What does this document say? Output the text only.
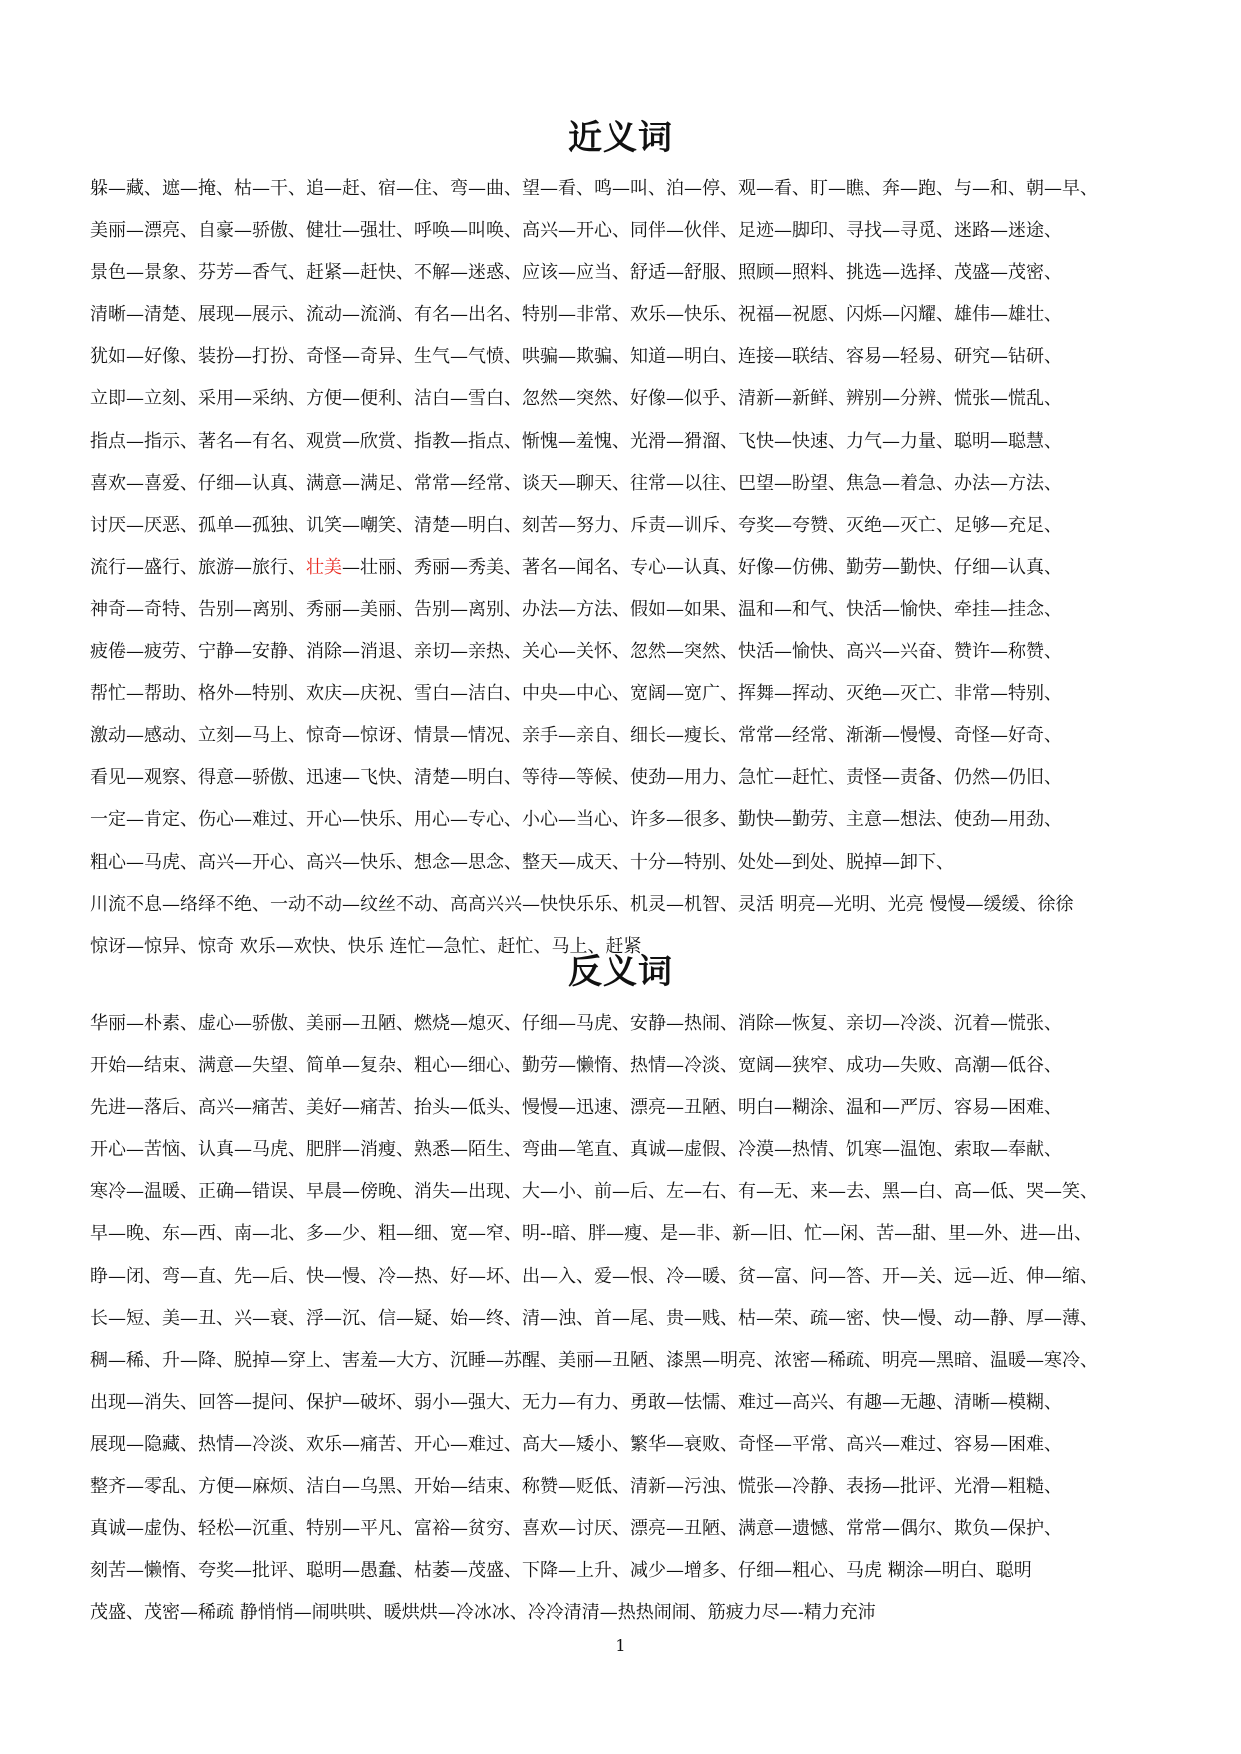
近义词
躲—藏、遮—掩、枯—干、追—赶、宿—住、弯—曲、望—看、鸣—叫、泊—停、观—看、盯—瞧、奔—跑、与—和、朝—早、
美丽—漂亮、自豪—骄傲、健壮—强壮、呼唤—叫唤、高兴—开心、同伴—伙伴、足迹—脚印、寻找—寻觅、迷路—迷途、
景色—景象、芬芳—香气、赶紧—赶快、不解—迷惑、应该—应当、舒适—舒服、照顾—照料、挑选—选择、茂盛—茂密、
清晰—清楚、展现—展示、流动—流淌、有名—出名、特别—非常、欢乐—快乐、祝福—祝愿、闪烁—闪耀、雄伟—雄壮、
犹如—好像、装扮—打扮、奇怪—奇异、生气—气愤、哄骗—欺骗、知道—明白、连接—联结、容易—轻易、研究—钻研、
立即—立刻、采用—采纳、方便—便利、洁白—雪白、忽然—突然、好像—似乎、清新—新鲜、辨别—分辨、慌张—慌乱、
指点—指示、著名—有名、观赏—欣赏、指教—指点、惭愧—羞愧、光滑—猾溜、飞快—快速、力气—力量、聪明—聪慧、
喜欢—喜爱、仔细—认真、满意—满足、常常—经常、谈天—聊天、往常—以往、巴望—盼望、焦急—着急、办法—方法、
讨厌—厌恶、孤单—孤独、讥笑—嘲笑、清楚—明白、刻苦—努力、斥责—训斥、夸奖—夸赞、灭绝—灭亡、足够—充足、
流行—盛行、旅游—旅行、壮美—壮丽、秀丽—秀美、著名—闻名、专心—认真、好像—仿佛、勤劳—勤快、仔细—认真、
神奇—奇特、告别—离别、秀丽—美丽、告别—离别、办法—方法、假如—如果、温和—和气、快活—愉快、牵挂—挂念、
疲倦—疲劳、宁静—安静、消除—消退、亲切—亲热、关心—关怀、忽然—突然、快活—愉快、高兴—兴奋、赞许—称赞、
帮忙—帮助、格外—特别、欢庆—庆祝、雪白—洁白、中央—中心、宽阔—宽广、挥舞—挥动、灭绝—灭亡、非常—特别、
激动—感动、立刻—马上、惊奇—惊讶、情景—情况、亲手—亲自、细长—瘦长、常常—经常、渐渐—慢慢、奇怪—好奇、
看见—观察、得意—骄傲、迅速—飞快、清楚—明白、等待—等候、使劲—用力、急忙—赶忙、责怪—责备、仍然—仍旧、
一定—肯定、伤心—难过、开心—快乐、用心—专心、小心—当心、许多—很多、勤快—勤劳、主意—想法、使劲—用劲、
粗心—马虎、高兴—开心、高兴—快乐、想念—思念、整天—成天、十分—特别、处处—到处、脱掉—卸下、
川流不息—络绎不绝、一动不动—纹丝不动、高高兴兴—快快乐乐、机灵—机智、灵活 明亮—光明、光亮 慢慢—缓缓、徐徐
惊讶—惊异、惊奇 欢乐—欢快、快乐 连忙—急忙、赶忙、马上、赶紧
反义词
华丽—朴素、虚心—骄傲、美丽—丑陋、燃烧—熄灭、仔细—马虎、安静—热闹、消除—恢复、亲切—冷淡、沉着—慌张、
开始—结束、满意—失望、简单—复杂、粗心—细心、勤劳—懒惰、热情—冷淡、宽阔—狭窄、成功—失败、高潮—低谷、
先进—落后、高兴—痛苦、美好—痛苦、抬头—低头、慢慢—迅速、漂亮—丑陋、明白—糊涂、温和—严厉、容易—困难、
开心—苦恼、认真—马虎、肥胖—消瘦、熟悉—陌生、弯曲—笔直、真诚—虚假、冷漠—热情、饥寒—温饱、索取—奉献、
寒冷—温暖、正确—错误、早晨—傍晚、消失—出现、大—小、前—后、左—右、有—无、来—去、黑—白、高—低、哭—笑、
早—晚、东—西、南—北、多—少、粗—细、宽—窄、明--暗、胖—瘦、是—非、新—旧、忙—闲、苦—甜、里—外、进—出、
睁—闭、弯—直、先—后、快—慢、冷—热、好—坏、出—入、爱—恨、冷—暖、贫—富、问—答、开—关、远—近、伸—缩、
长—短、美—丑、兴—衰、浮—沉、信—疑、始—终、清—浊、首—尾、贵—贱、枯—荣、疏—密、快—慢、动—静、厚—薄、
稠—稀、升—降、脱掉—穿上、害羞—大方、沉睡—苏醒、美丽—丑陋、漆黑—明亮、浓密—稀疏、明亮—黑暗、温暖—寒冷、
出现—消失、回答—提问、保护—破坏、弱小—强大、无力—有力、勇敢—怯懦、难过—高兴、有趣—无趣、清晰—模糊、
展现—隐藏、热情—冷淡、欢乐—痛苦、开心—难过、高大—矮小、繁华—衰败、奇怪—平常、高兴—难过、容易—困难、
整齐—零乱、方便—麻烦、洁白—乌黑、开始—结束、称赞—贬低、清新—污浊、慌张—冷静、表扬—批评、光滑—粗糙、
真诚—虚伪、轻松—沉重、特别—平凡、富裕—贫穷、喜欢—讨厌、漂亮—丑陋、满意—遗憾、常常—偶尔、欺负—保护、
刻苦—懒惰、夸奖—批评、聪明—愚蠢、枯萎—茂盛、下降—上升、减少—增多、仔细—粗心、马虎 糊涂—明白、聪明
茂盛、茂密—稀疏 静悄悄—闹哄哄、暖烘烘—冷冰冰、冷冷清清—热热闹闹、筋疲力尽—-精力充沛
1
